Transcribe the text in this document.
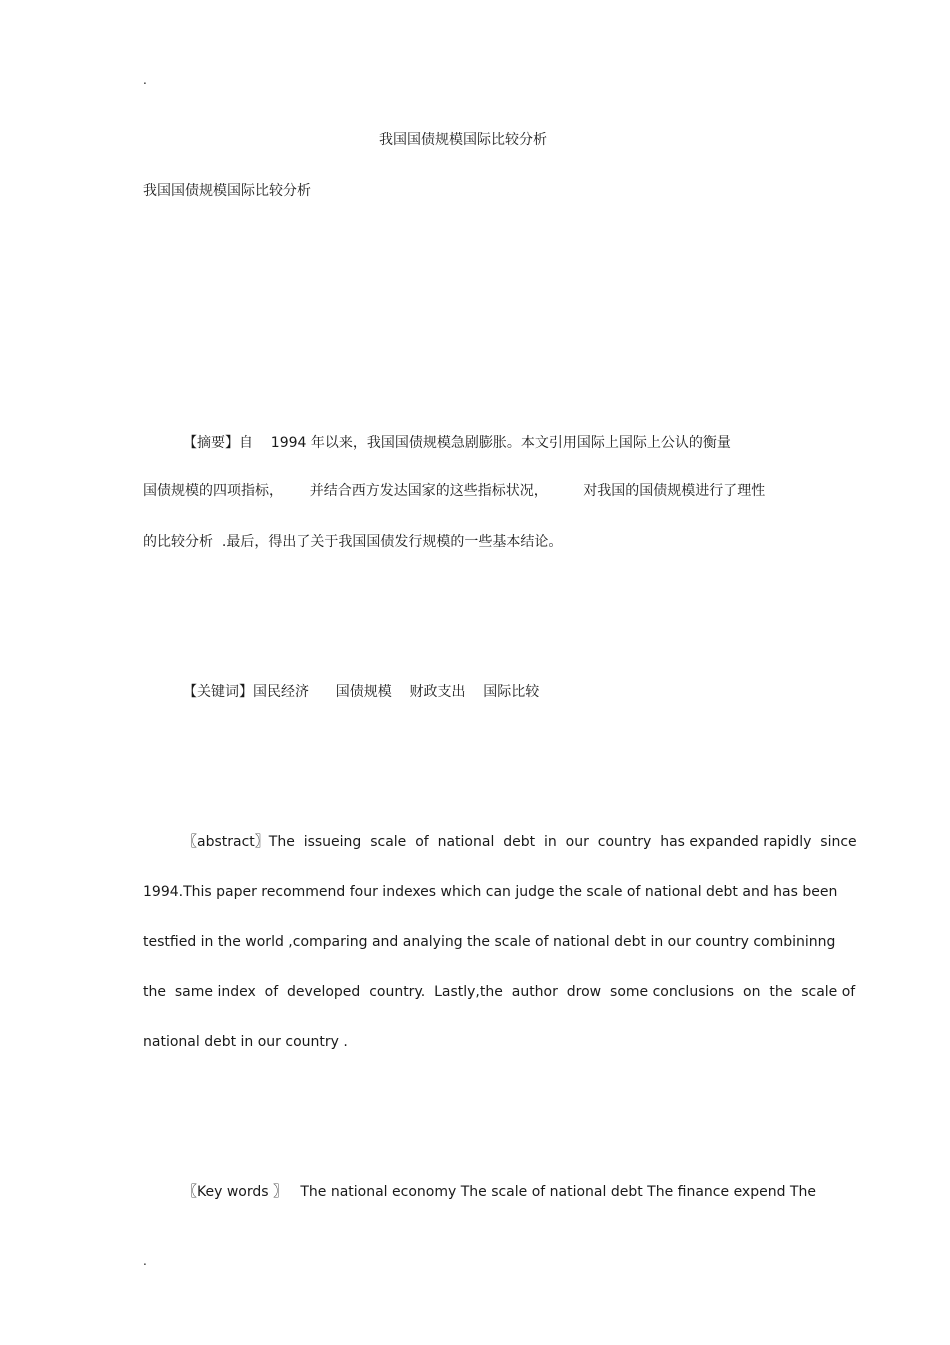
.
我国国债规模国际比较分析
我国国债规模国际比较分析
【摘要】自    1994 年以来，我国国债规模急剧膨胀。本文引用国际上国际上公认的衡量
国债规模的四项指标，      并结合西方发达国家的这些指标状况，        对我国的国债规模进行了理性
的比较分析  .最后，得出了关于我国国债发行规模的一些基本结论。
【关键词】国民经济      国债规模    财政支出    国际比较
〖abstract〗The  issueing  scale  of  national  debt  in  our  country  has expanded rapidly  since
1994.This paper recommend four indexes which can judge the scale of national debt and has been
testfied in the world ,comparing and analying the scale of national debt in our country combininng
the  same index  of  developed  country.  Lastly,the  author  drow  some conclusions  on  the  scale of
national debt in our country .
〖Key words 〗   The national economy The scale of national debt The finance expend The
.
